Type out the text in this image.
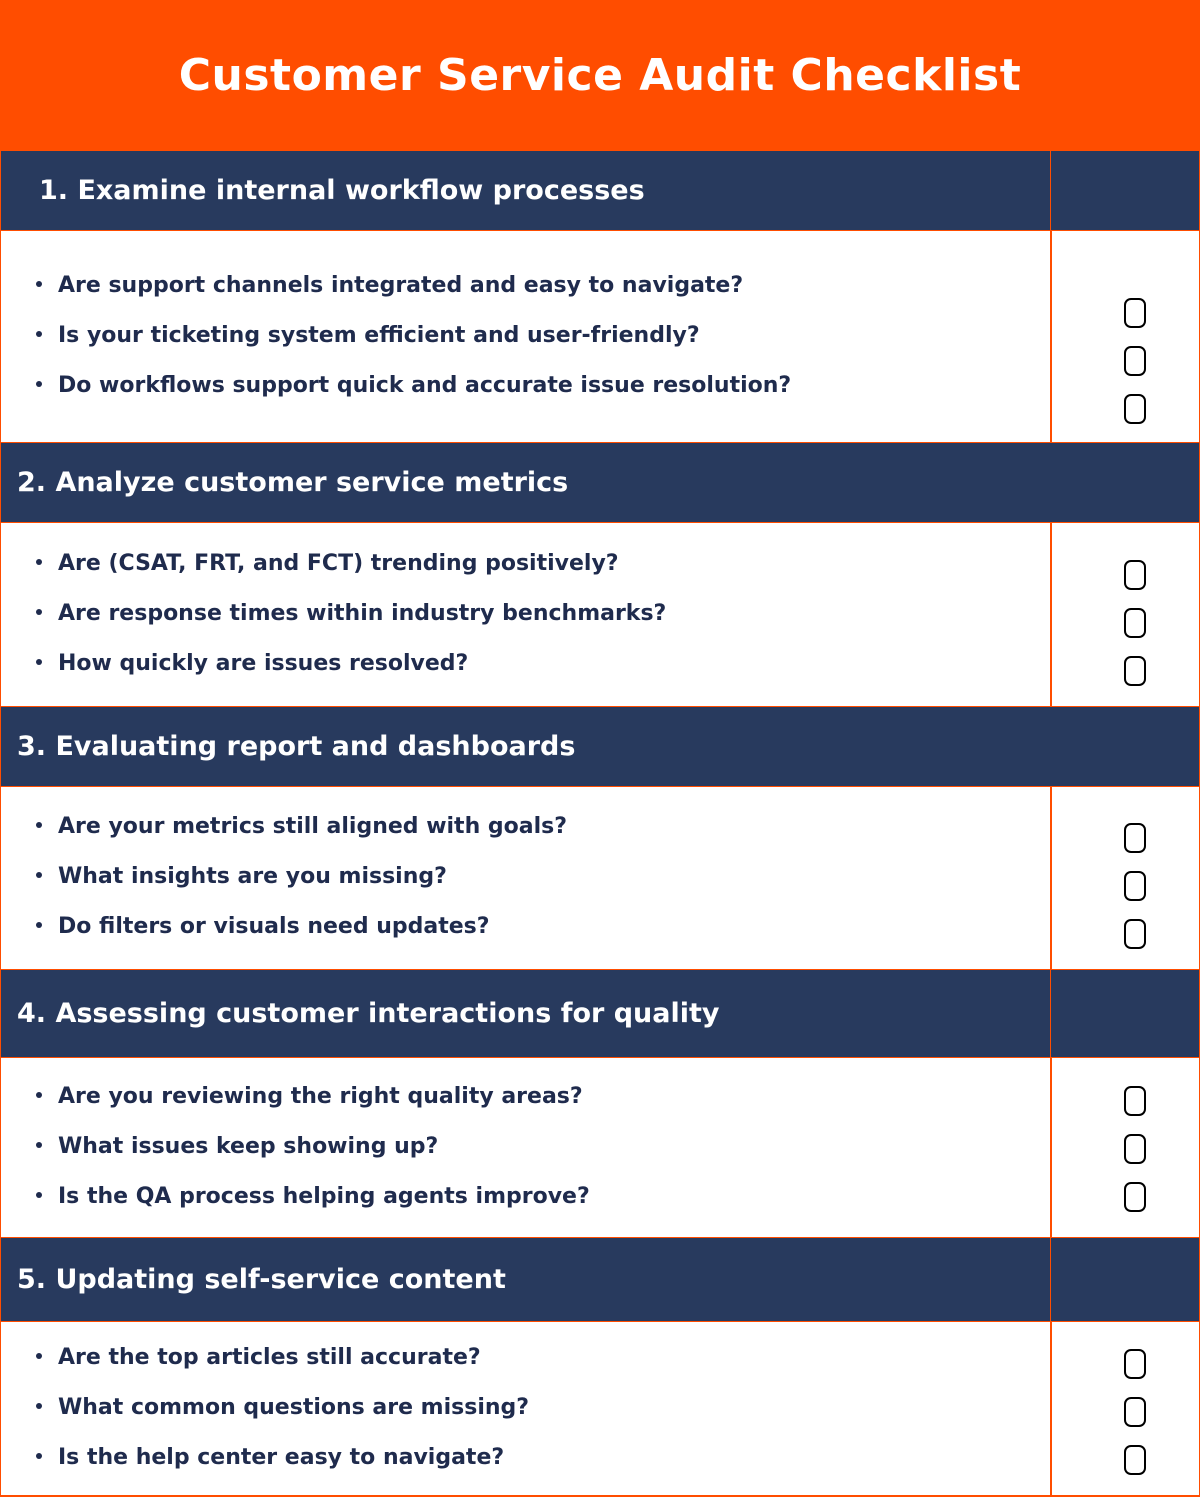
Customer Service Audit Checklist
1. Examine internal workflow processes
Are support channels integrated and easy to navigate?
Is your ticketing system efficient and user-friendly?
Do workflows support quick and accurate issue resolution?
2. Analyze customer service metrics
Are (CSAT, FRT, and FCT) trending positively?
Are response times within industry benchmarks?
How quickly are issues resolved?
3. Evaluating report and dashboards
Are your metrics still aligned with goals?
What insights are you missing?
Do filters or visuals need updates?
4. Assessing customer interactions for quality
Are you reviewing the right quality areas?
What issues keep showing up?
Is the QA process helping agents improve?
5. Updating self-service content
Are the top articles still accurate?
What common questions are missing?
Is the help center easy to navigate?
